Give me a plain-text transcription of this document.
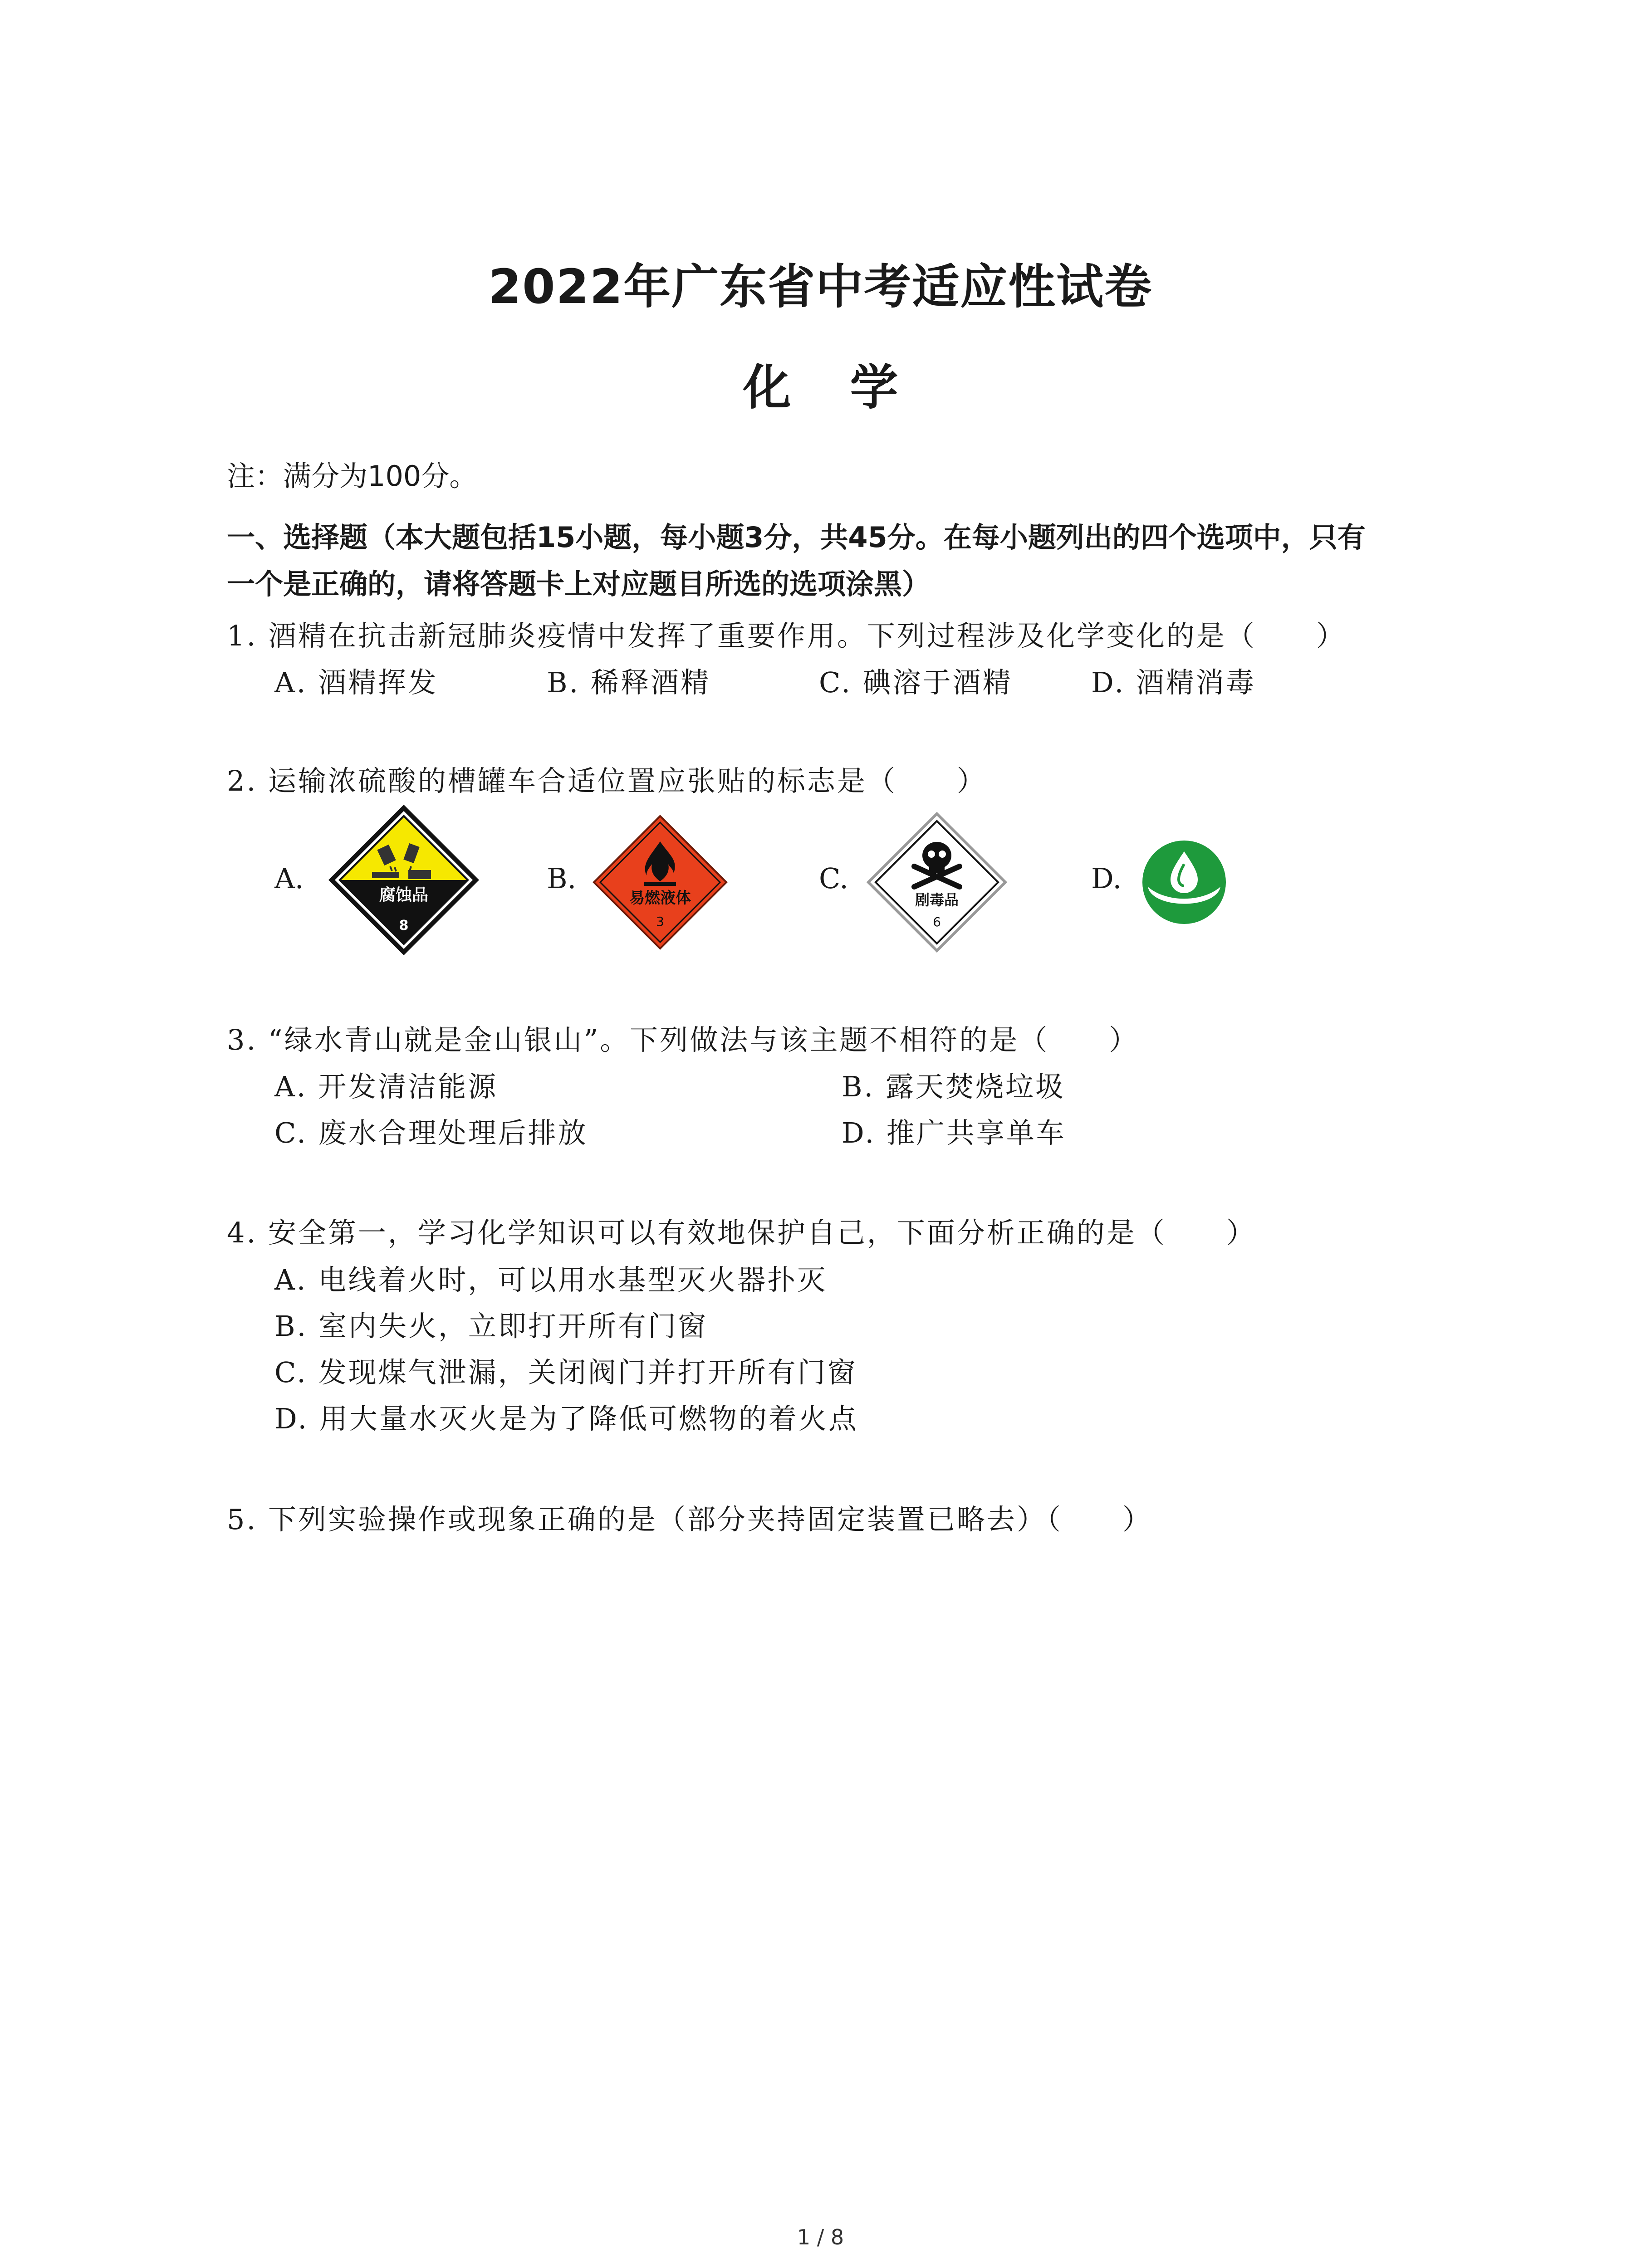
2022年广东省中考适应性试卷
化学
注：满分为100分。
一、选择题（本大题包括15小题，每小题3分，共45分。在每小题列出的四个选项中，只有
一个是正确的，请将答题卡上对应题目所选的选项涂黑）
1. 酒精在抗击新冠肺炎疫情中发挥了重要作用。下列过程涉及化学变化的是（　　）
A. 酒精挥发	B. 稀释酒精	C. 碘溶于酒精	D. 酒精消毒
2. 运输浓硫酸的槽罐车合适位置应张贴的标志是（　　）
A.	B.	C.	D.
腐蚀品
8
易燃液体
3
剧毒品
6
3. “绿水青山就是金山银山”。下列做法与该主题不相符的是（　　）
A. 开发清洁能源	B. 露天焚烧垃圾
C. 废水合理处理后排放	D. 推广共享单车
4. 安全第一，学习化学知识可以有效地保护自己，下面分析正确的是（　　）
A. 电线着火时，可以用水基型灭火器扑灭
B. 室内失火，立即打开所有门窗
C. 发现煤气泄漏，关闭阀门并打开所有门窗
D. 用大量水灭火是为了降低可燃物的着火点
5. 下列实验操作或现象正确的是（部分夹持固定装置已略去）（　　）
1 / 8
